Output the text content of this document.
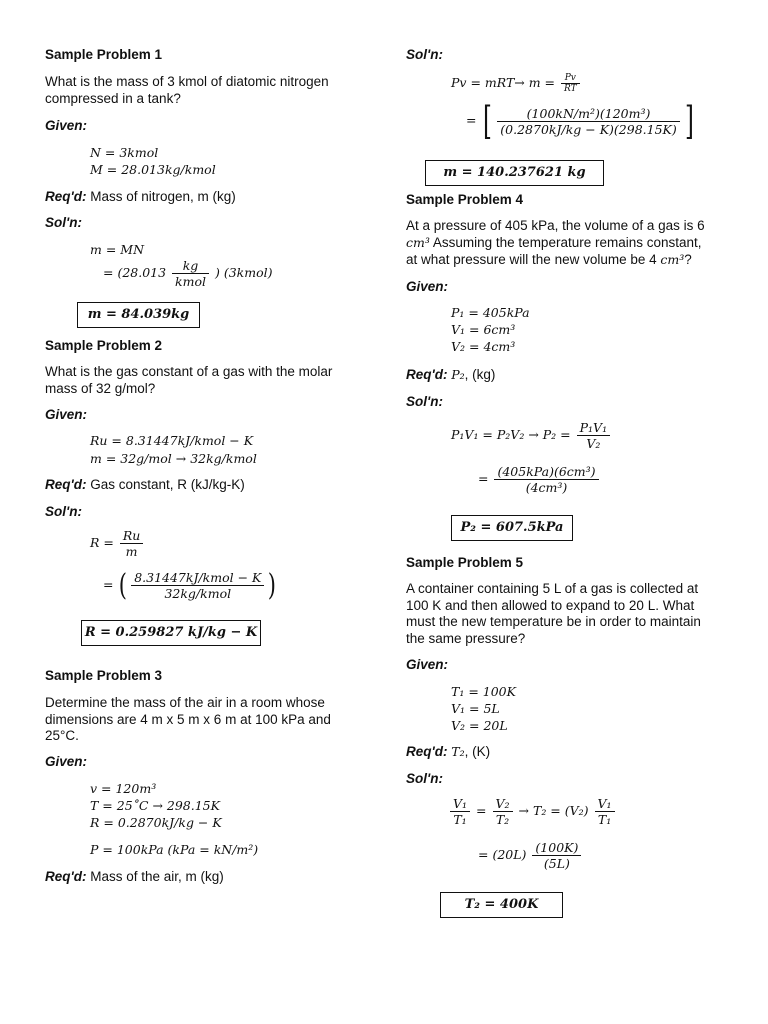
Sample Problem 1
What is the mass of 3 kmol of diatomic nitrogen compressed in a tank?
Given:
N = 3kmol
M = 28.013kg/kmol
Req'd: Mass of nitrogen, m (kg)
Sol'n:
m = MN
= ($28.013 \frac{kg}{\text{kmol}}$ ) (3kmol)
m = 84.039kg
Sample Problem 2
What is the gas constant of a gas with the molar mass of 32 g/mol?
Given:
Ru = 8.31447kJ/kmol − K
m = 32g/mol → 32kg/kmol
Req'd: Gas constant, R (kJ/kg-K)
Sol'n:
$R = \frac{Ru}{m}$
= ( $\frac{\text{8.31447kJ/kmol − K}}{\text{32kg/kmol}}$ )
R = 0.259827 kJ/kg − K
Sample Problem 3
Determine the mass of the air in a room whose dimensions are 4 m x 5 m x 6 m at 100 kPa and 25°C.
Given:
v = 120m³
T = 25˚C → 298.15K
R = 0.2870kJ/kg − K
P = 100kPa (kPa = kN/m²)
Req'd: Mass of the air, m (kg)
Sol'n:
$Pv = mRT\to m = \frac{Pv}{RT}$
= [ $\frac{\text{(100kN/m²)(120m³)}}{(0.2870kJ/kg - K)(298.15K)}$ ]
m = 140.237621 kg
Sample Problem 4
At a pressure of 405 kPa, the volume of a gas is 6
cm³ Assuming the temperature remains constant,
at what pressure will the new volume be 4 cm³?
Given:
P₁ = 405kPa
V₁ = 6cm³
V₂ = 4cm³
Req'd: P₂, (kg)
Sol'n:
$P_1V_1 = P_2V_2 \to P_2 = \frac{\text{P₁V₁}}{\text{V₂}}$
= $\frac{\text{(405kPa)(6cm³)}}{\text{(4cm³)}}$
P₂ = 607.5kPa
Sample Problem 5
A container containing 5 L of a gas is collected at 100 K and then allowed to expand to 20 L. What must the new temperature be in order to maintain the same pressure?
Given:
T₁ = 100K
V₁ = 5L
V₂ = 20L
Req'd: T₂, (K)
Sol'n:
$\frac{\text{V₁}}{\text{T₁}} = \frac{\text{V₂}}{\text{T₂}} \to T_2 = (V_2) \frac{\text{V₁}}{\text{T₁}}$
= $(20L) \frac{(100K)}{(5L)}$
T₂ = 400K
